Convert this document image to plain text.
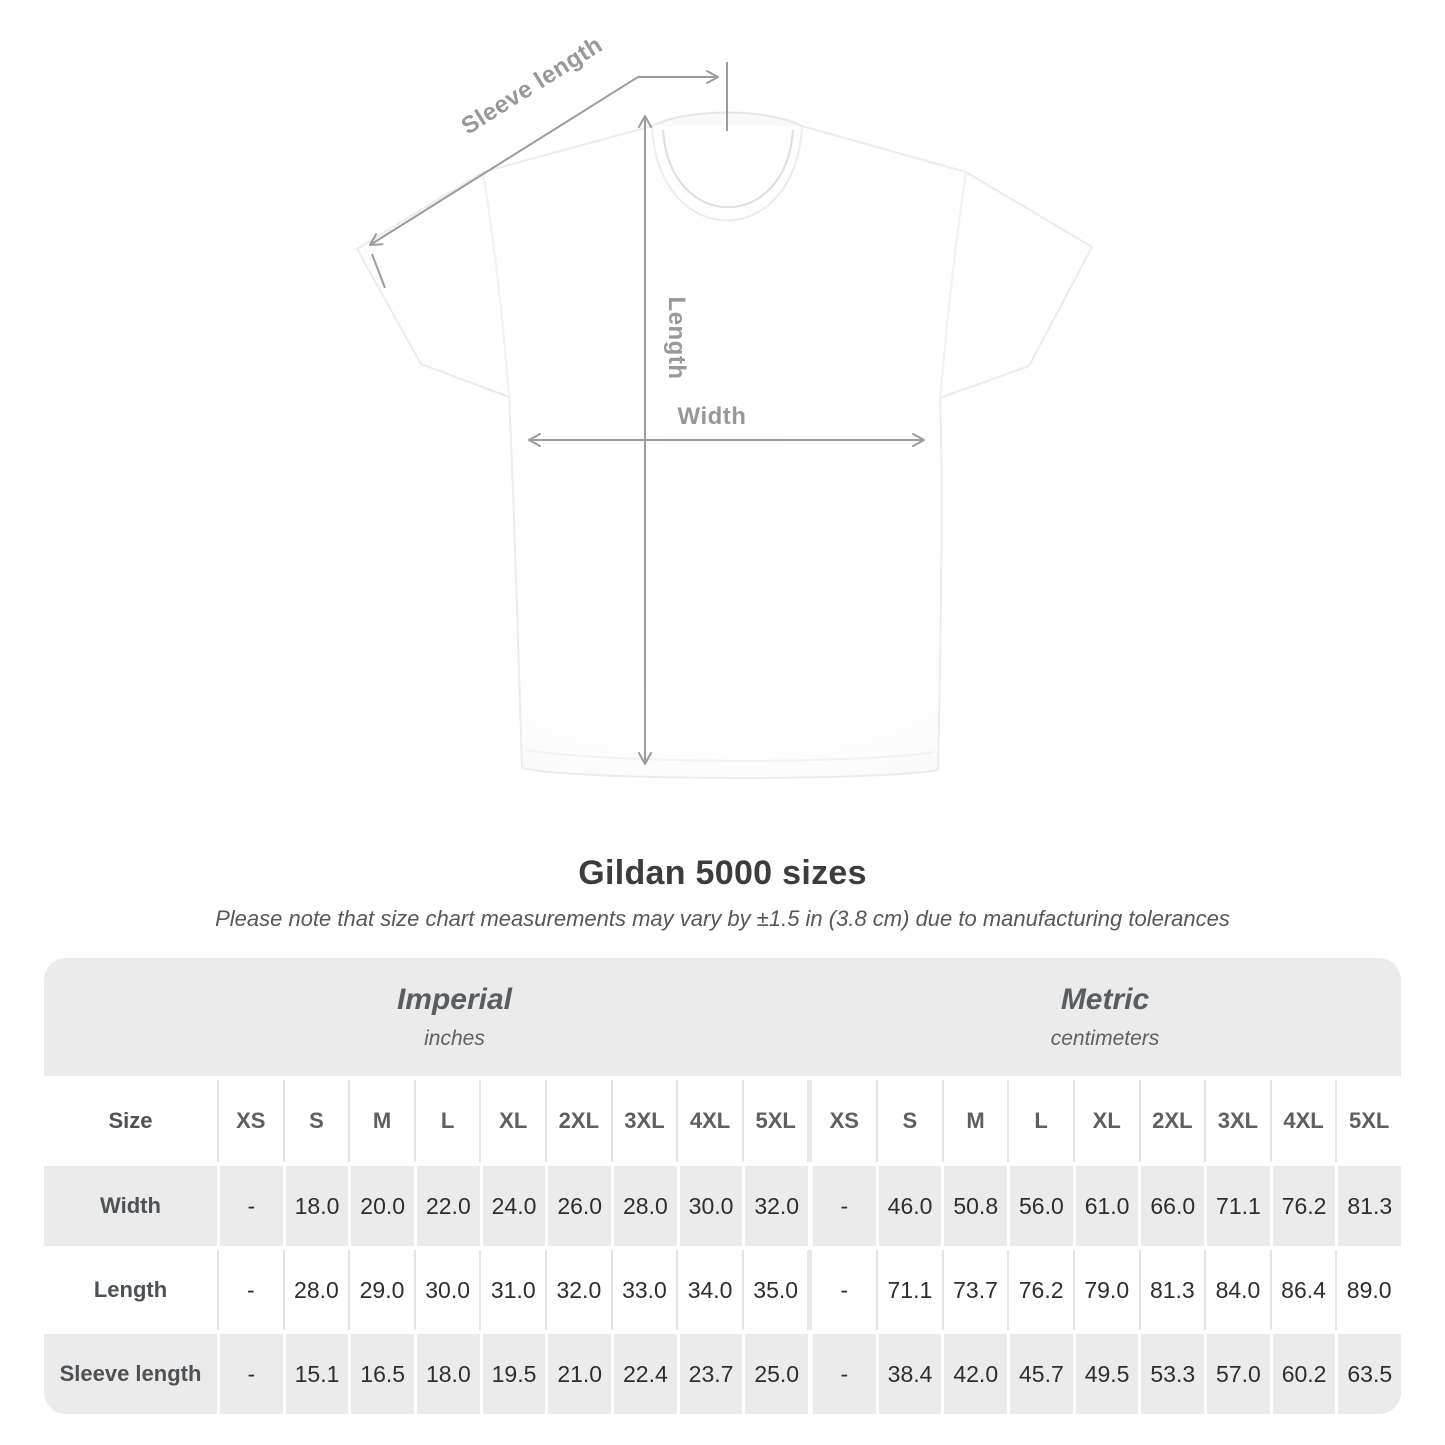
Sleeve length
Length
Width
Gildan 5000 sizes

Please note that size chart measurements may vary by ±1.5 in (3.8 cm) due to manufacturing tolerances

Imperial
inches
Metric
centimeters
Size	XS	S	M	L	XL	2XL	3XL	4XL	5XL	XS	S	M	L	XL	2XL	3XL	4XL	5XL
Width	-	18.0 20.0 22.0 24.0 26.0 28.0 30.0 32.0	-	46.0 50.8 56.0 61.0 66.0 71.1 76.2 81.3
Length	-	28.0 29.0 30.0 31.0 32.0 33.0 34.0 35.0	-	71.1 73.7 76.2 79.0 81.3 84.0 86.4 89.0
Sleeve length	-	15.1 16.5 18.0 19.5 21.0 22.4 23.7 25.0	-	38.4 42.0 45.7 49.5 53.3 57.0 60.2 63.5
